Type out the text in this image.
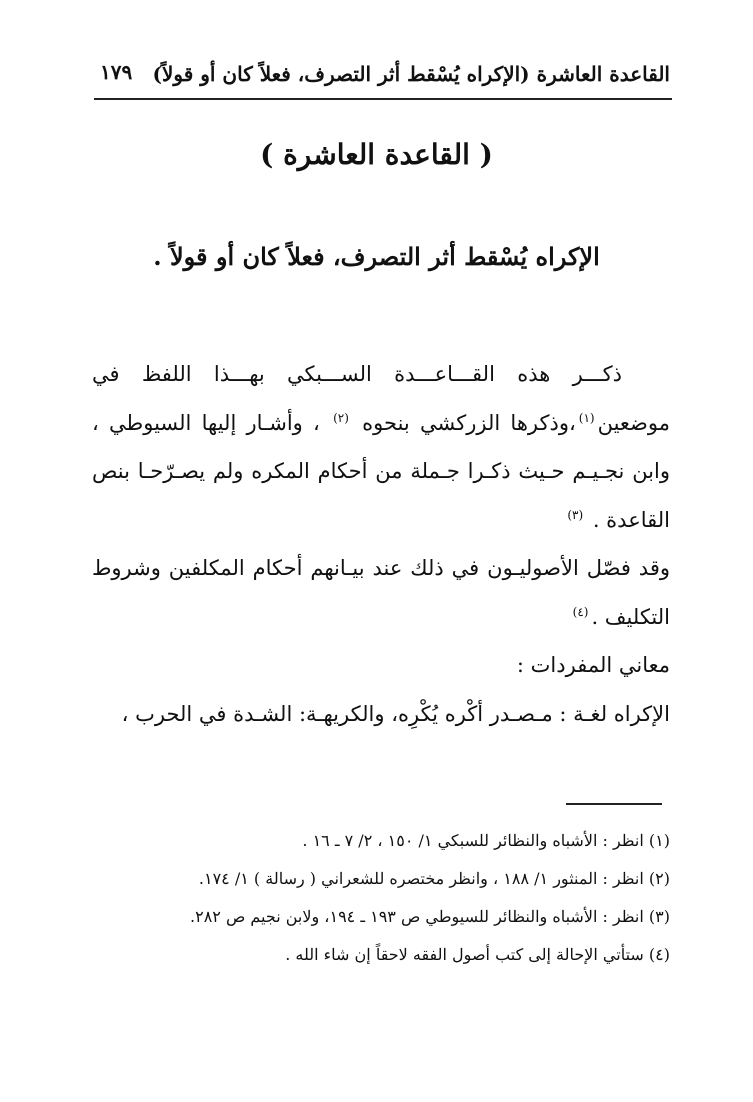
القاعدة العاشرة (الإكراه يُسْقط أثر التصرف، فعلاً كان أو قولاً)
١٧٩
( القاعدة العاشرة )
الإكراه يُسْقط أثر التصرف، فعلاً كان أو قولاً .

ذكـــر هذه القـــاعـــدة الســـبكي بهـــذا اللفظ في موضعين$^{(١)}$،وذكرها الزركشي بنحوه $^{(٢)}$ ، وأشـار إليها السيوطي ، وابن نجـيـم حـيث ذكـرا جـملة من أحكام المكره ولم يصـرّحـا بنص القاعدة . $^{(٣)}$

وقد فصّل الأصوليـون في ذلك عند بيـانهم أحكام المكلفين وشروط التكليف .$^{(٤)}$

معاني المفردات :

الإكراه لغـة : مـصـدر أكْره يُكْرِه، والكريهـة: الشـدة في الحرب ،

(١) انظر : الأشباه والنظائر للسبكي ١/ ١٥٠ ، ٢/ ٧ ـ ١٦ .
(٢) انظر : المنثور ١/ ١٨٨ ، وانظر مختصره للشعراني ( رسالة ) ١/ ١٧٤.
(٣) انظر : الأشباه والنظائر للسيوطي ص ١٩٣ ـ ١٩٤، ولابن نجيم ص ٢٨٢.
(٤) ستأتي الإحالة إلى كتب أصول الفقه لاحقاً إن شاء الله .
